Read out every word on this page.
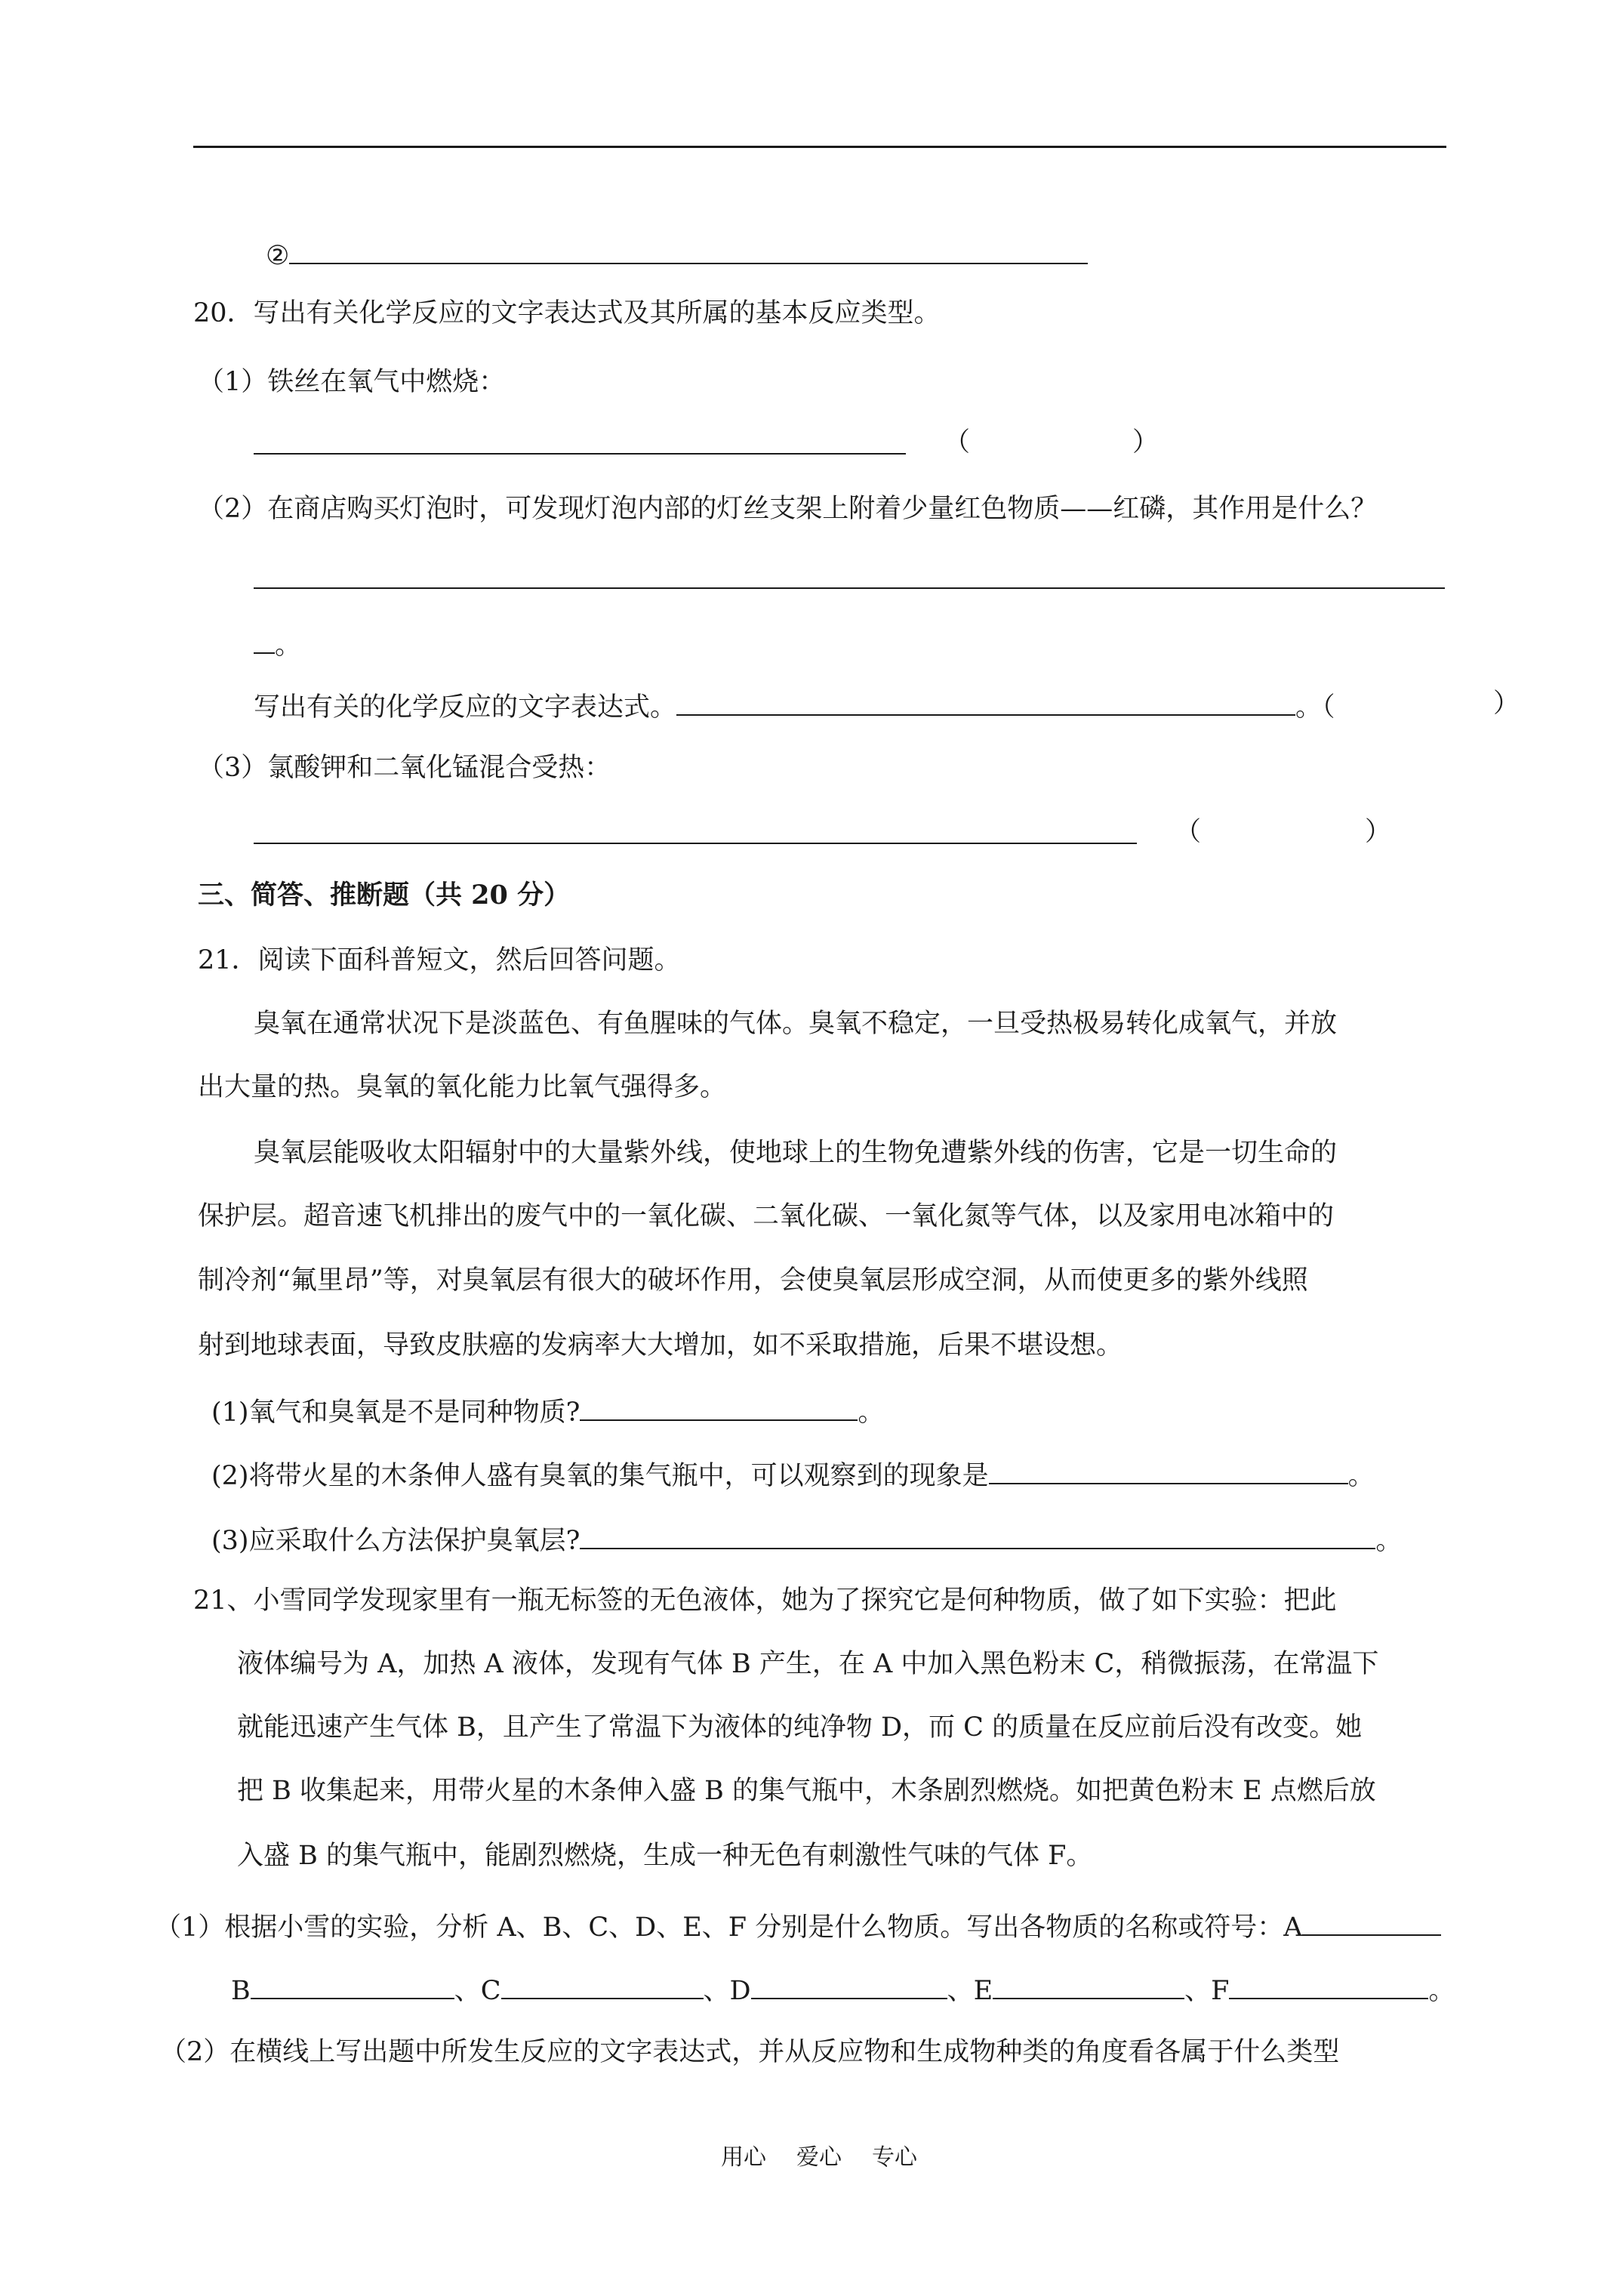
②
20．写出有关化学反应的文字表达式及其所属的基本反应类型。
（1）铁丝在氧气中燃烧：
（	）
（2）在商店购买灯泡时，可发现灯泡内部的灯丝支架上附着少量红色物质——红磷，其作用是什么？
。
写出有关的化学反应的文字表达式。	。（	）
（3）氯酸钾和二氧化锰混合受热：
（	）
三、简答、推断题（共 20 分）
21．阅读下面科普短文，然后回答问题。
臭氧在通常状况下是淡蓝色、有鱼腥味的气体。臭氧不稳定，一旦受热极易转化成氧气，并放
出大量的热。臭氧的氧化能力比氧气强得多。
臭氧层能吸收太阳辐射中的大量紫外线，使地球上的生物免遭紫外线的伤害，它是一切生命的
保护层。超音速飞机排出的废气中的一氧化碳、二氧化碳、一氧化氮等气体，以及家用电冰箱中的
制冷剂“氟里昂”等，对臭氧层有很大的破坏作用，会使臭氧层形成空洞，从而使更多的紫外线照
射到地球表面，导致皮肤癌的发病率大大增加，如不采取措施，后果不堪设想。
(1)氧气和臭氧是不是同种物质?	。
(2)将带火星的木条伸人盛有臭氧的集气瓶中，可以观察到的现象是	。
(3)应采取什么方法保护臭氧层?	。
21、小雪同学发现家里有一瓶无标签的无色液体，她为了探究它是何种物质，做了如下实验：把此
液体编号为 A，加热 A 液体，发现有气体 B 产生，在 A 中加入黑色粉末 C，稍微振荡，在常温下
就能迅速产生气体 B，且产生了常温下为液体的纯净物 D，而 C 的质量在反应前后没有改变。她
把 B 收集起来，用带火星的木条伸入盛 B 的集气瓶中，木条剧烈燃烧。如把黄色粉末 E 点燃后放
入盛 B 的集气瓶中，能剧烈燃烧，生成一种无色有刺激性气味的气体 F。
（1）根据小雪的实验，分析 A、B、C、D、E、F 分别是什么物质。写出各物质的名称或符号：A
B	、C	、D	、E	、F	。
（2）在横线上写出题中所发生反应的文字表达式，并从反应物和生成物种类的角度看各属于什么类型
用心 爱心 专心
